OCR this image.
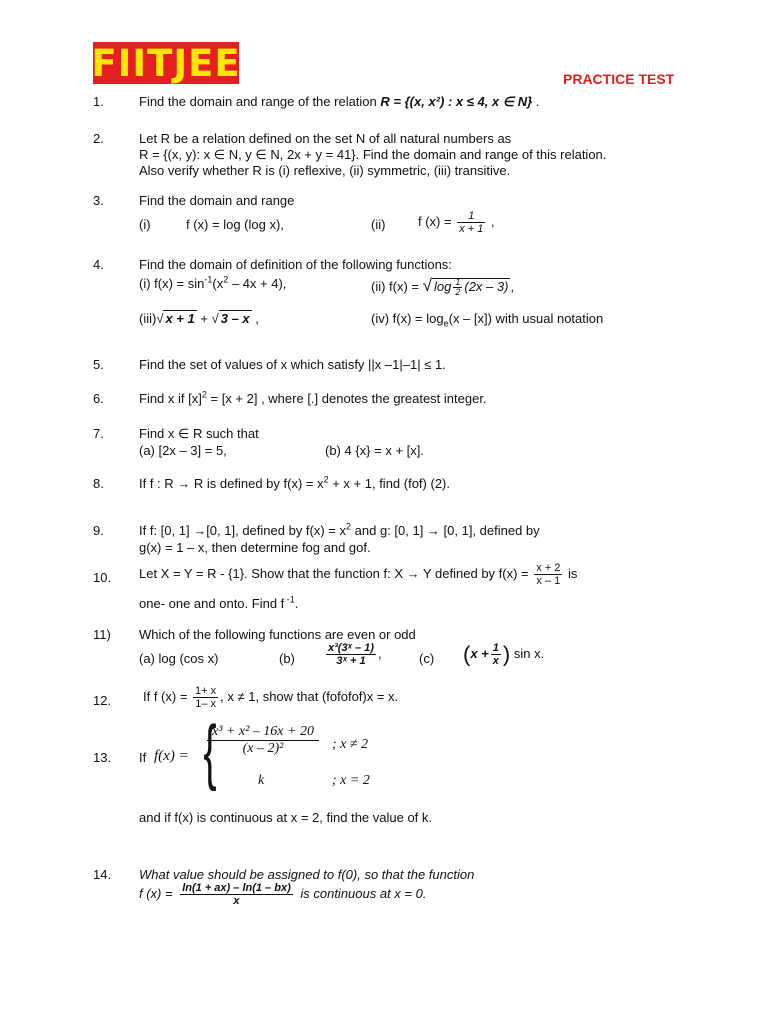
FIITJEE	PRACTICE TEST
1.	Find the domain and range of the relation R = {(x, x²) : x ≤ 4, x ∈ N} .
2.	Let R be a relation defined on the set N of all natural numbers as
R = {(x, y): x ∈ N, y ∈ N, 2x + y = 41}. Find the domain and range of this relation.
Also verify whether R is (i) reflexive, (ii) symmetric, (iii) transitive.
3.	Find the domain and range
(i)	f (x) = log (log x),	(ii)	f $(x) = \frac{1}{x + 1}$ ,
4.	Find the domain of definition of the following functions:
(i) $f(x) = \sin^{-1}(x^2 - 4x + 4)$,	(ii) f(x) = √ $\log \frac{1}{2} (2x - 3)$ ,
(iii)√ x + 1 + √ 3 – x ,	(iv) $f(x) = \log_e(x - [x])$ with usual notation
5.	Find the set of values of x which satisfy ||x –1|–1| ≤ 1.
6.	Find x if $[x]^2 = [x + 2]$ , where [.] denotes the greatest integer.
7.	Find x ∈ R such that
(a) [2x – 3] = 5,	(b) 4 {x} = x + [x].
8.	If f : R → R is defined by $f(x) = x^2 + x + 1$, find (fof) (2).
9.	If f: [0, 1] →[0, 1], defined by $f(x) = x^2$ and g: [0, 1] → [0, 1], defined by
g(x) = 1 – x, then determine fog and gof.
10. Let X = Y = R - {1}. Show that the function f: X → Y defined by $f(x) = \frac{x + 2}{x - 1}$ is
one- one and onto. Find f $^{-1}$.
11) Which of the following functions are even or odd
(a) log (cos x)	(b)	$\frac{\text{x³(3ˣ – 1)}}{\text{3ˣ + 1}}$ ,	(c) ($x + \frac{1}{x}$ ) sin x.
12. If f $(x) = \frac{1+ x}{1- x}$ , x ≠ 1, show that (fofofof)x = x.
13. If f(x) = {
$\frac{\text{x³ + x² – 16x + 20}}{\text{(x – 2)²}}$ ; x ≠ 2
k	; x = 2
and if f(x) is continuous at x = 2, find the value of k.
14. What value should be assigned to f(0), so that the function
f $(x) = \frac{\ln(1 + ax) - \ln(1 - bx)}{x}$ is continuous at x = 0.
